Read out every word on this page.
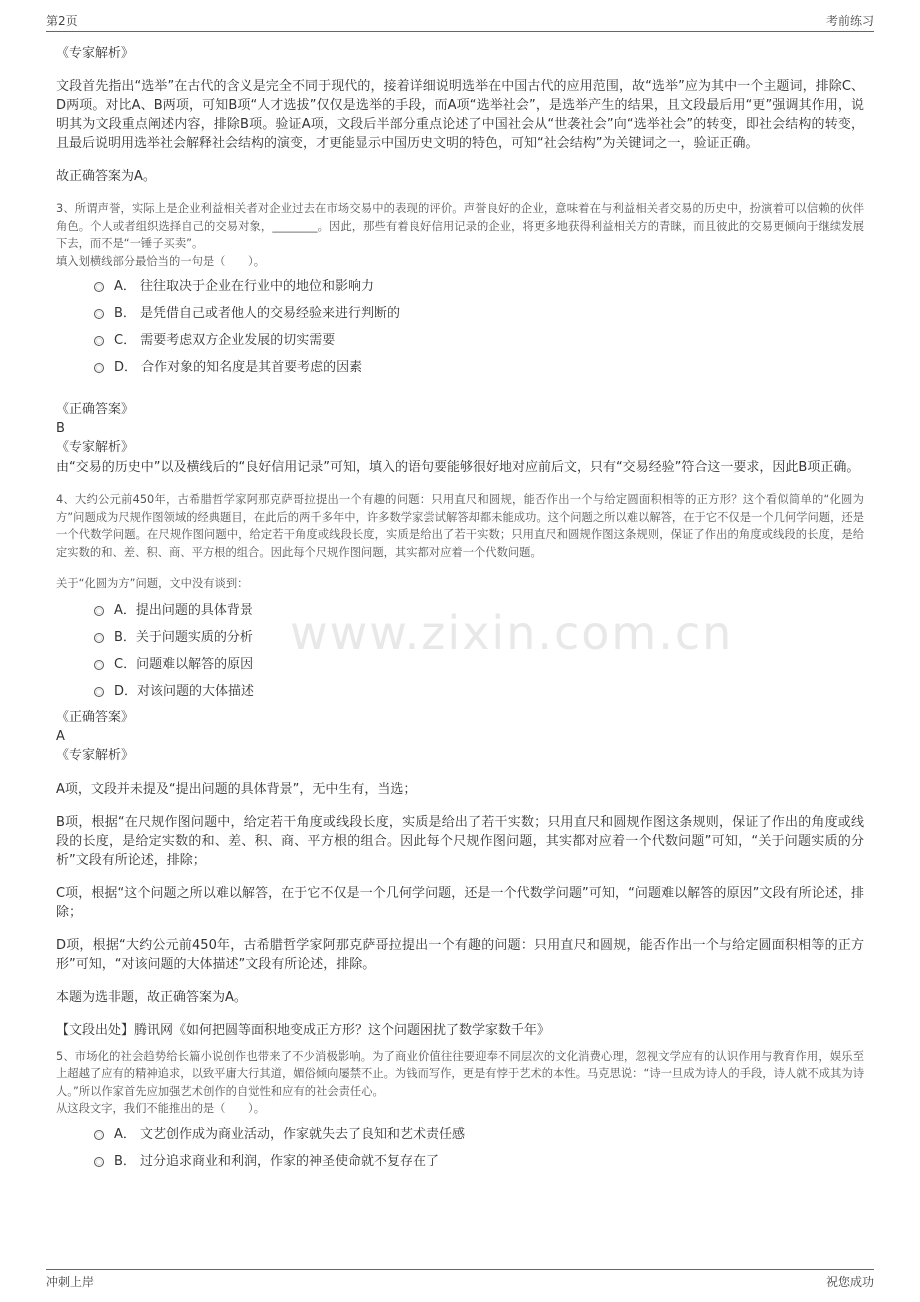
第2页	考前练习
www.zixin.com.cn
《专家解析》
文段首先指出“选举”在古代的含义是完全不同于现代的，接着详细说明选举在中国古代的应用范围，故“选举”应为其中一个主题词，排除C、D两项。对比A、B两项，可知B项“人才选拔”仅仅是选举的手段，而A项“选举社会”，是选举产生的结果，且文段最后用“更”强调其作用，说明其为文段重点阐述内容，排除B项。验证A项，文段后半部分重点论述了中国社会从“世袭社会”向“选举社会”的转变，即社会结构的转变，且最后说明用选举社会解释社会结构的演变，才更能显示中国历史文明的特色，可知“社会结构”为关键词之一，验证正确。
故正确答案为A。
3、所谓声誉，实际上是企业利益相关者对企业过去在市场交易中的表现的评价。声誉良好的企业，意味着在与利益相关者交易的历史中，扮演着可以信赖的伙伴角色。个人或者组织选择自己的交易对象，________。因此，那些有着良好信用记录的企业，将更多地获得利益相关方的青睐，而且彼此的交易更倾向于继续发展下去，而不是“一锤子买卖”。
填入划横线部分最恰当的一句是（　　）。
A． 往往取决于企业在行业中的地位和影响力
B． 是凭借自己或者他人的交易经验来进行判断的
C． 需要考虑双方企业发展的切实需要
D． 合作对象的知名度是其首要考虑的因素
《正确答案》
B
《专家解析》
由“交易的历史中”以及横线后的“良好信用记录”可知，填入的语句要能够很好地对应前后文，只有“交易经验”符合这一要求，因此B项正确。
4、大约公元前450年，古希腊哲学家阿那克萨哥拉提出一个有趣的问题：只用直尺和圆规，能否作出一个与给定圆面积相等的正方形？这个看似简单的“化圆为方”问题成为尺规作图领域的经典题目，在此后的两千多年中，许多数学家尝试解答却都未能成功。这个问题之所以难以解答，在于它不仅是一个几何学问题，还是一个代数学问题。在尺规作图问题中，给定若干角度或线段长度，实质是给出了若干实数；只用直尺和圆规作图这条规则，保证了作出的角度或线段的长度，是给定实数的和、差、积、商、平方根的组合。因此每个尺规作图问题，其实都对应着一个代数问题。
关于“化圆为方”问题，文中没有谈到：
A．提出问题的具体背景
B．关于问题实质的分析
C．问题难以解答的原因
D．对该问题的大体描述
《正确答案》
A
《专家解析》
A项，文段并未提及“提出问题的具体背景”，无中生有，当选；
B项，根据“在尺规作图问题中，给定若干角度或线段长度，实质是给出了若干实数；只用直尺和圆规作图这条规则，保证了作出的角度或线段的长度，是给定实数的和、差、积、商、平方根的组合。因此每个尺规作图问题，其实都对应着一个代数问题”可知，“关于问题实质的分析”文段有所论述，排除；
C项，根据“这个问题之所以难以解答，在于它不仅是一个几何学问题，还是一个代数学问题”可知，“问题难以解答的原因”文段有所论述，排除；
D项，根据“大约公元前450年，古希腊哲学家阿那克萨哥拉提出一个有趣的问题：只用直尺和圆规，能否作出一个与给定圆面积相等的正方形”可知，“对该问题的大体描述”文段有所论述，排除。
本题为选非题，故正确答案为A。
【文段出处】腾讯网《如何把圆等面积地变成正方形？这个问题困扰了数学家数千年》
5、市场化的社会趋势给长篇小说创作也带来了不少消极影响。为了商业价值往往要迎奉不同层次的文化消费心理，忽视文学应有的认识作用与教育作用，娱乐至上超越了应有的精神追求，以致平庸大行其道，媚俗倾向屡禁不止。为钱而写作，更是有悖于艺术的本性。马克思说：“诗一旦成为诗人的手段，诗人就不成其为诗人。”所以作家首先应加强艺术创作的自觉性和应有的社会责任心。
从这段文字，我们不能推出的是（　　）。
A． 文艺创作成为商业活动，作家就失去了良知和艺术责任感
B． 过分追求商业和利润，作家的神圣使命就不复存在了
冲刺上岸	祝您成功
